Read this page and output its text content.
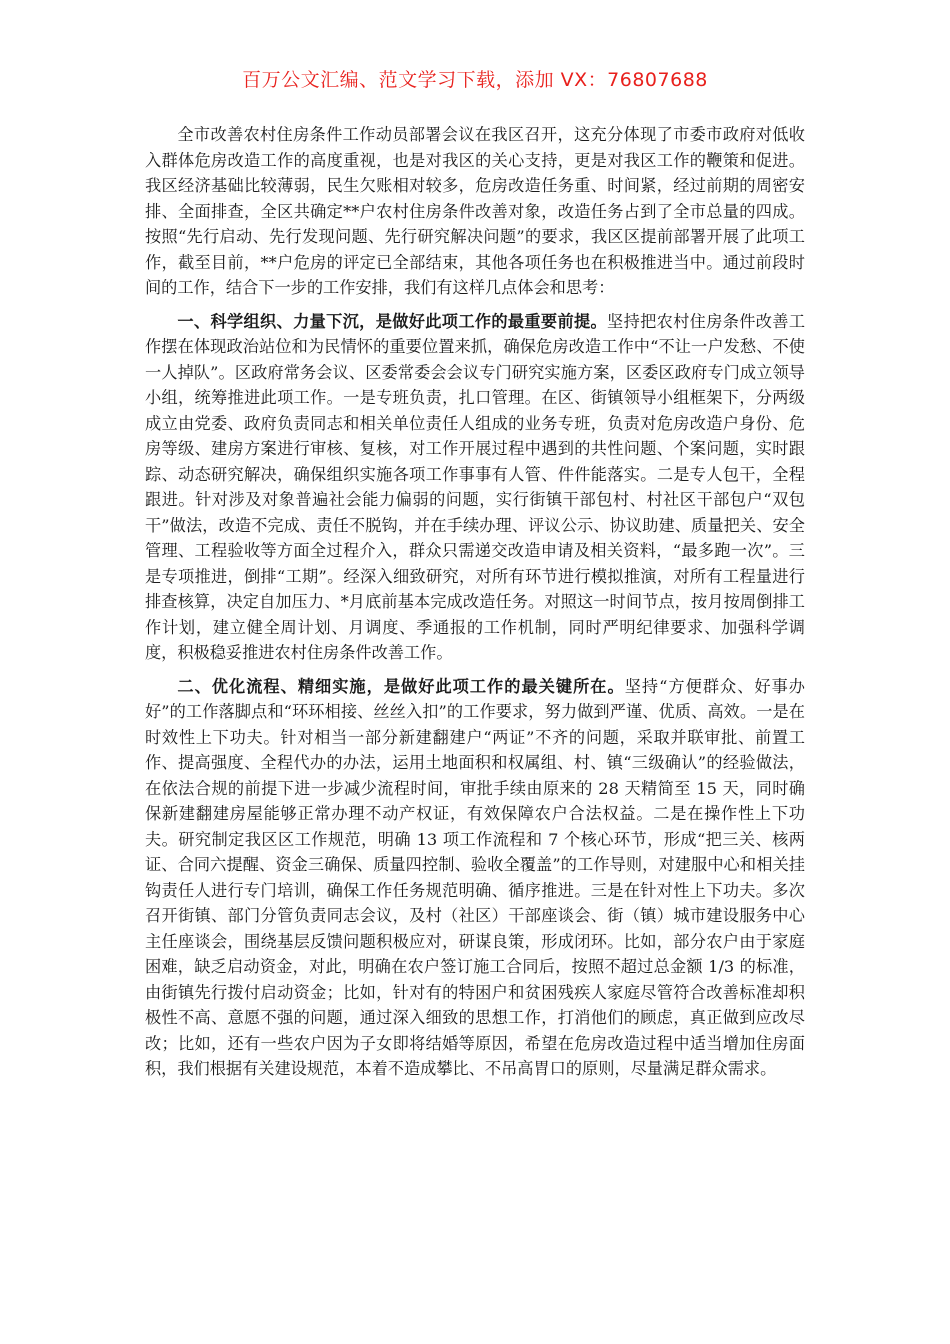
百万公文汇编、范文学习下载，添加 VX：76807688

全市改善农村住房条件工作动员部署会议在我区召开，这充分体现了市委市政府对低收入群体危房改造工作的高度重视，也是对我区的关心支持，更是对我区工作的鞭策和促进。我区经济基础比较薄弱，民生欠账相对较多，危房改造任务重、时间紧，经过前期的周密安排、全面排查，全区共确定**户农村住房条件改善对象，改造任务占到了全市总量的四成。按照“先行启动、先行发现问题、先行研究解决问题”的要求，我区区提前部署开展了此项工作，截至目前，**户危房的评定已全部结束，其他各项任务也在积极推进当中。通过前段时间的工作，结合下一步的工作安排，我们有这样几点体会和思考：

一、科学组织、力量下沉，是做好此项工作的最重要前提。坚持把农村住房条件改善工作摆在体现政治站位和为民情怀的重要位置来抓，确保危房改造工作中“不让一户发愁、不使一人掉队”。区政府常务会议、区委常委会会议专门研究实施方案，区委区政府专门成立领导小组，统筹推进此项工作。一是专班负责，扎口管理。在区、街镇领导小组框架下，分两级成立由党委、政府负责同志和相关单位责任人组成的业务专班，负责对危房改造户身份、危房等级、建房方案进行审核、复核，对工作开展过程中遇到的共性问题、个案问题，实时跟踪、动态研究解决，确保组织实施各项工作事事有人管、件件能落实。二是专人包干，全程跟进。针对涉及对象普遍社会能力偏弱的问题，实行街镇干部包村、村社区干部包户“双包干”做法，改造不完成、责任不脱钩，并在手续办理、评议公示、协议助建、质量把关、安全管理、工程验收等方面全过程介入，群众只需递交改造申请及相关资料，“最多跑一次”。三是专项推进，倒排“工期”。经深入细致研究，对所有环节进行模拟推演，对所有工程量进行排查核算，决定自加压力、*月底前基本完成改造任务。对照这一时间节点，按月按周倒排工作计划，建立健全周计划、月调度、季通报的工作机制，同时严明纪律要求、加强科学调度，积极稳妥推进农村住房条件改善工作。

二、优化流程、精细实施，是做好此项工作的最关键所在。坚持“方便群众、好事办好”的工作落脚点和“环环相接、丝丝入扣”的工作要求，努力做到严谨、优质、高效。一是在时效性上下功夫。针对相当一部分新建翻建户“两证”不齐的问题，采取并联审批、前置工作、提高强度、全程代办的办法，运用土地面积和权属组、村、镇“三级确认”的经验做法，在依法合规的前提下进一步减少流程时间，审批手续由原来的 28 天精简至 15 天，同时确保新建翻建房屋能够正常办理不动产权证，有效保障农户合法权益。二是在操作性上下功夫。研究制定我区区工作规范，明确 13 项工作流程和 7 个核心环节，形成“把三关、核两证、合同六提醒、资金三确保、质量四控制、验收全覆盖”的工作导则，对建服中心和相关挂钩责任人进行专门培训，确保工作任务规范明确、循序推进。三是在针对性上下功夫。多次召开街镇、部门分管负责同志会议，及村（社区）干部座谈会、街（镇）城市建设服务中心主任座谈会，围绕基层反馈问题积极应对，研谋良策，形成闭环。比如，部分农户由于家庭困难，缺乏启动资金，对此，明确在农户签订施工合同后，按照不超过总金额 1/3 的标准，由街镇先行拨付启动资金；比如，针对有的特困户和贫困残疾人家庭尽管符合改善标准却积极性不高、意愿不强的问题，通过深入细致的思想工作，打消他们的顾虑，真正做到应改尽改；比如，还有一些农户因为子女即将结婚等原因，希望在危房改造过程中适当增加住房面积，我们根据有关建设规范，本着不造成攀比、不吊高胃口的原则，尽量满足群众需求。
